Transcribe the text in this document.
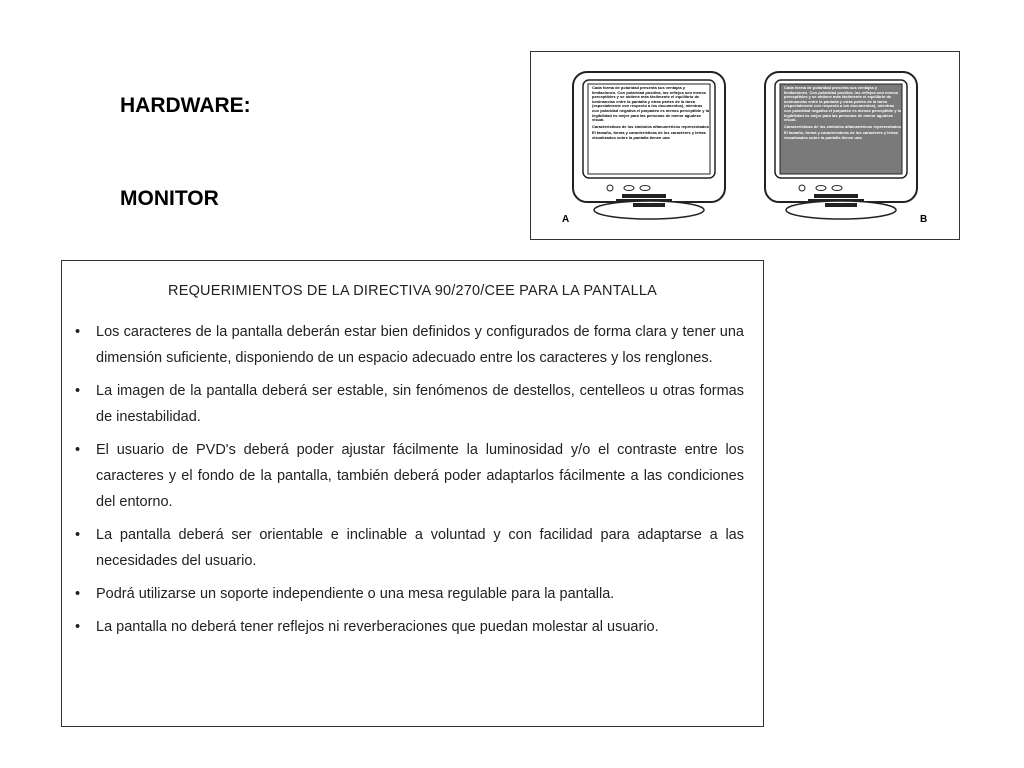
HARDWARE:
MONITOR

Cada forma de polaridad presenta sus ventajas y limitaciones. Con polaridad positiva, los reflejos son menos perceptibles y se obtiene más fácilmente el equilibrio de luminancias entre la pantalla y otras partes de la tarea (especialmente con respecto a los documentos), mientras con polaridad negativa el parpadeo es menos perceptible y la legibilidad es mejor para las personas de menor agudeza visual.

Características de los símbolos alfanuméricos representados

El tamaño, forma y características de los caracteres y letras visualizados sobre la pantalla tienen una

Cada forma de polaridad presenta sus ventajas y limitaciones. Con polaridad positiva, los reflejos son menos perceptibles y se obtiene más fácilmente el equilibrio de luminancias entre la pantalla y otras partes de la tarea (especialmente con respecto a los documentos), mientras con polaridad negativa el parpadeo es menos perceptible y la legibilidad es mejor para las personas de menor agudeza visual.

Características de los símbolos alfanuméricos representados

El tamaño, forma y características de los caracteres y letras visualizados sobre la pantalla tienen una

A	B

REQUERIMIENTOS DE LA DIRECTIVA 90/270/CEE PARA LA PANTALLA

• Los caracteres de la pantalla deberán estar bien definidos y configurados de forma clara y tener una dimensión suficiente, disponiendo de un espacio adecuado entre los caracteres y los renglones.
• La imagen de la pantalla deberá ser estable, sin fenómenos de destellos, centelleos u otras formas de inestabilidad.
• El usuario de PVD's deberá poder ajustar fácilmente la luminosidad y/o el contraste entre los caracteres y el fondo de la pantalla, también deberá poder adaptarlos fácilmente a las condiciones del entorno.
• La pantalla deberá ser orientable e inclinable a voluntad y con facilidad para adaptarse a las necesidades del usuario.
• Podrá utilizarse un soporte independiente o una mesa regulable para la pantalla.
• La pantalla no deberá tener reflejos ni reverberaciones que puedan molestar al usuario.
